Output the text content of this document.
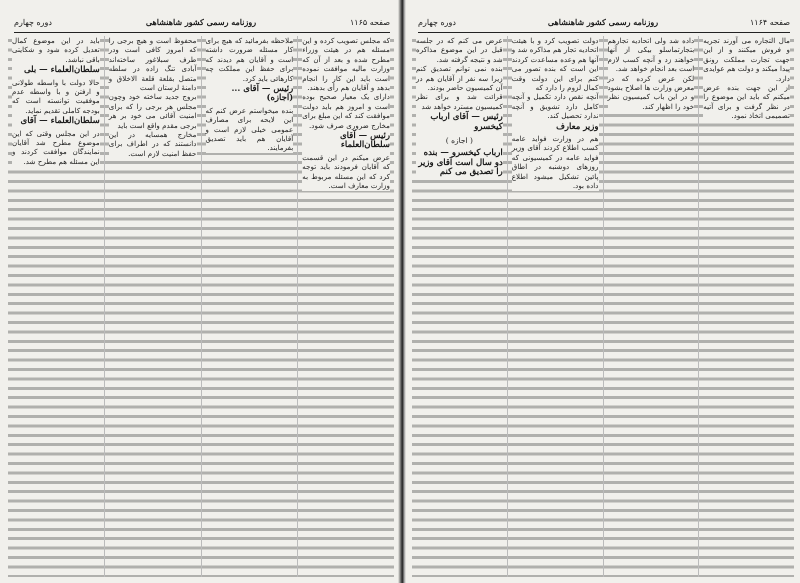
صفحه ۱۱۶۵
روزنامه رسمی کشور شاهنشاهی
دوره چهارم

که مجلس تصویب کرده و این مسئله هم در هیئت وزراء مطرح شده و بعد از آن که وزارت مالیه موافقت نموده است باید این کار را انجام بدهد و آقایان هم رأی بدهند.

دارای یک معیار صحیح بوده است و امروز هم باید دولت موافقت کند که این مبلغ برای مخارج ضروری صرف شود.

رئیس — آقای سلطان‌العلماء

عرض میکنم در این قسمت که آقایان فرمودند باید توجه کرد که این مسئله مربوط به وزارت معارف است.

ملاحظه بفرمائید که هیچ برای کار مسئله ضرورت داشته است و آقایان هم دیدند که برای حفظ این مملکت چه کارهائی باید کرد.

رئیس — آقای ... (اجازه)

بنده میخواستم عرض کنم که این لایحه برای مصارف عمومی خیلی لازم است و آقایان هم باید تصدیق بفرمایند.

محفوظ است و هیچ برجی را که امروز کافی است ودر طرف سبلاغور ساخته‌اند آبادی تنگ زاده در سلطه متصل بقلعة قلعة الاخلاق و دامنهٔ لرستان است

بروج جدید ساخته خود وچون مجلس هر برجی را که برای امنیت آقائی می خود بر هر برجی مقدم واقع است باید

مخارج همسایه در این دانستند که در اطراف برای حفظ امنیت لازم است.

باید در این موضوع کمال تعدیل کرده شود و شکایتی باقی نباشد.

سلطان‌العلماء — بلی

حالا دولت با واسطه طولانی و ارفتن و با واسطه عدم موفقیت توانسته است که بودجه کاملی تقدیم نماید.

سلطان‌العلماء — آقای

در این مجلس وقتی که این موضوع مطرح شد آقایان نمایندگان موافقت کردند و این مسئله هم مطرح شد.

صفحه ۱۱۶۴
روزنامه رسمی کشور شاهنشاهی
دوره چهارم

مال التجاره می آورند تجریه و فروش میکنند و از این جهت تجارت مملکت رونق پیدا میکند و دولت هم عوایدی دارد.

از این جهت بنده عرض میکنم که باید این موضوع را در نظر گرفت و برای آتیه تصمیمی اتخاذ نمود.

داده شد ولی اتحادیه تجارهم بتجارتماسلو بیکی از آنها خواهند زد و آنچه کسب لازم است بعد انجام خواهد شد.

لکن عرض کرده که در معرض وزارت ها اصلاح بشود و در این باب کمیسیون نظر خود را اظهار کند.

دولت تصویب کرد و با هیئت اتحادیه تجار هم مذاکره شد و آنها هم وعده مساعدت کردند این است که بنده تصور می کنم برای این دولت وقت کمال لزوم را دارد که

آنچه نقص دارد تکمیل و آنچه کامل دارد تشویق و آنچه ندارد تحصیل کند.

وزیر معارف

هم در وزارت فواید عامه کسب اطلاع کردند آقای وزیر فواید عامه در کمیسیونی که روزهای دوشنبه در اطاق پائین تشکیل میشود اطلاع داده بود.

عرض می کنم که در جلسه قبل در این موضوع مذاکره شد و نتیجه گرفته شد.

بنده نمی توانم تصدیق کنم زیرا سه نفر از آقایان هم در آن کمیسیون حاضر بودند.

قرائت شد و برای نظر کمیسیون مسترد خواهد شد

رئیس — آقای ارباب کیخسرو
( اجازه )
ارباب کیخسرو — بنده دو سال است آقای وزیر را تصدیق می کنم
